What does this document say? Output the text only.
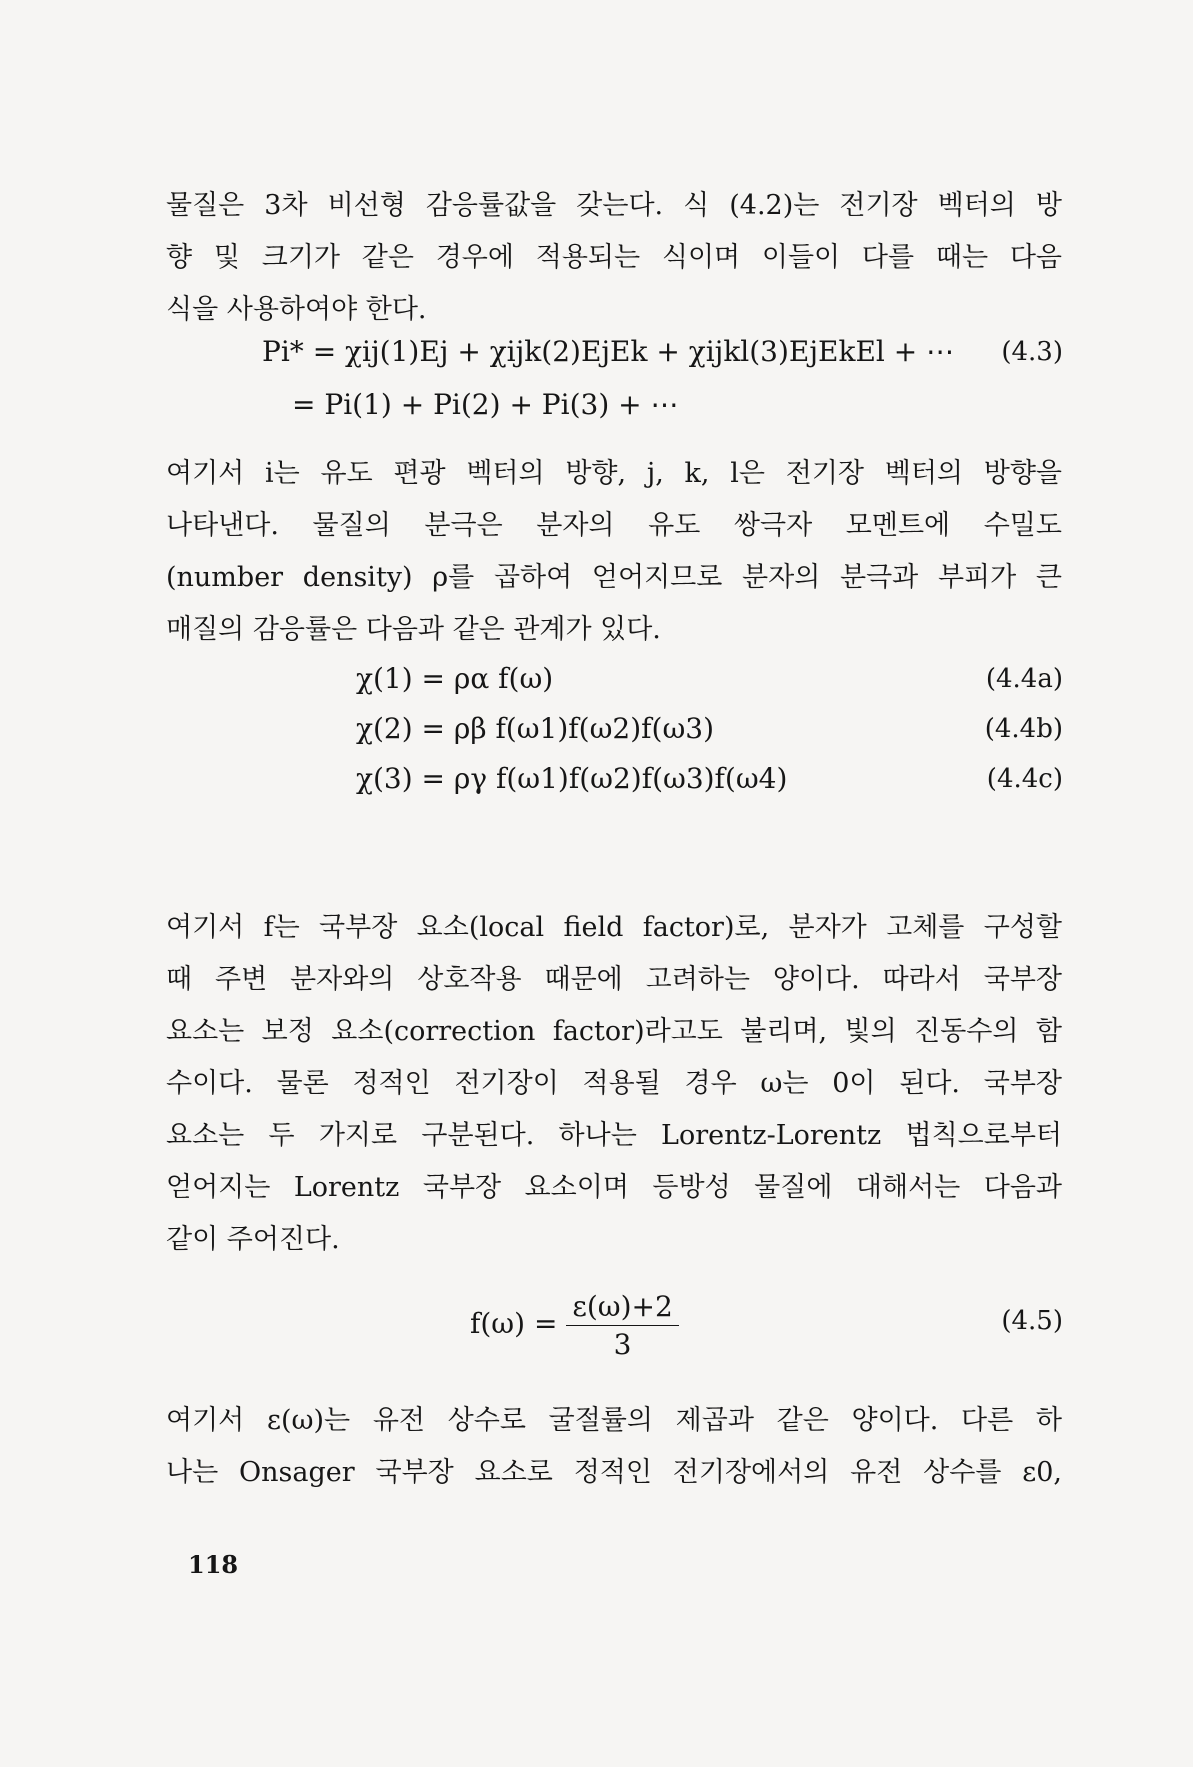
물질은 3차 비선형 감응률값을 갖는다. 식 (4.2)는 전기장 벡터의 방
향 및 크기가 같은 경우에 적용되는 식이며 이들이 다를 때는 다음
식을 사용하여야 한다.

Pi* = χij(1)Ej + χijk(2)EjEk + χijkl(3)EjEkEl + ⋯ (4.3)
= Pi(1) + Pi(2) + Pi(3) + ⋯

여기서 i는 유도 편광 벡터의 방향, j, k, l은 전기장 벡터의 방향을
나타낸다. 물질의 분극은 분자의 유도 쌍극자 모멘트에 수밀도
(number density) ρ를 곱하여 얻어지므로 분자의 분극과 부피가 큰
매질의 감응률은 다음과 같은 관계가 있다.

χ(1) = ρα f(ω)	(4.4a)
χ(2) = ρβ f(ω1)f(ω2)f(ω3)	(4.4b)
χ(3) = ργ f(ω1)f(ω2)f(ω3)f(ω4)	(4.4c)

여기서 f는 국부장 요소(local field factor)로, 분자가 고체를 구성할
때 주변 분자와의 상호작용 때문에 고려하는 양이다. 따라서 국부장
요소는 보정 요소(correction factor)라고도 불리며, 빛의 진동수의 함
수이다. 물론 정적인 전기장이 적용될 경우 ω는 0이 된다. 국부장
요소는 두 가지로 구분된다. 하나는 Lorentz-Lorentz 법칙으로부터
얻어지는 Lorentz 국부장 요소이며 등방성 물질에 대해서는 다음과
같이 주어진다.

$f(\omega) = \frac{\varepsilon(\omega)+2}{3}$	(4.5)

여기서 ε(ω)는 유전 상수로 굴절률의 제곱과 같은 양이다. 다른 하
나는 Onsager 국부장 요소로 정적인 전기장에서의 유전 상수를 ε0,

118
